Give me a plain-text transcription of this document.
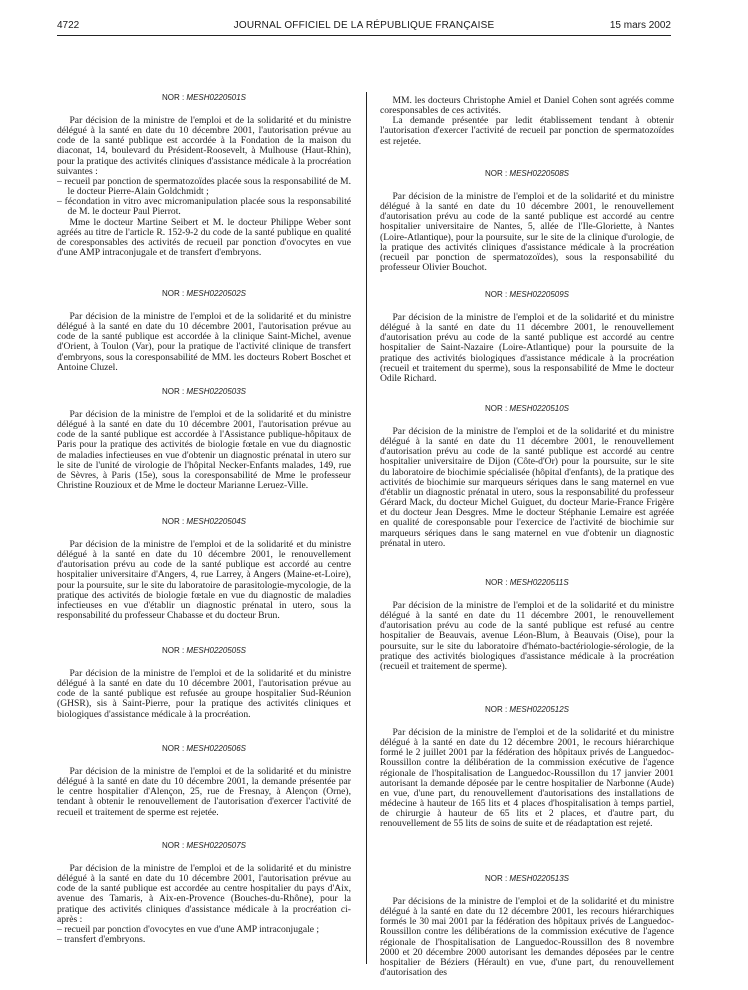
4722	JOURNAL OFFICIEL DE LA RÉPUBLIQUE FRANÇAISE	15 mars 2002
NOR : MESH0220501S

Par décision de la ministre de l'emploi et de la solidarité et du ministre délégué à la santé en date du 10 décembre 2001, l'autorisation prévue au code de la santé publique est accordée à la Fondation de la maison du diaconat, 14, boulevard du Président-Roosevelt, à Mulhouse (Haut-Rhin), pour la pratique des activités cliniques d'assistance médicale à la procréation suivantes :

– recueil par ponction de spermatozoïdes placée sous la responsabilité de M. le docteur Pierre-Alain Goldchmidt ;

– fécondation in vitro avec micromanipulation placée sous la responsabilité de M. le docteur Paul Pierrot.

Mme le docteur Martine Seibert et M. le docteur Philippe Weber sont agréés au titre de l'article R. 152-9-2 du code de la santé publique en qualité de coresponsables des activités de recueil par ponction d'ovocytes en vue d'une AMP intraconjugale et de transfert d'embryons.

NOR : MESH0220502S

Par décision de la ministre de l'emploi et de la solidarité et du ministre délégué à la santé en date du 10 décembre 2001, l'autorisation prévue au code de la santé publique est accordée à la clinique Saint-Michel, avenue d'Orient, à Toulon (Var), pour la pratique de l'activité clinique de transfert d'embryons, sous la coresponsabilité de MM. les docteurs Robert Boschet et Antoine Cluzel.

NOR : MESH0220503S

Par décision de la ministre de l'emploi et de la solidarité et du ministre délégué à la santé en date du 10 décembre 2001, l'autorisation prévue au code de la santé publique est accordée à l'Assistance publique-hôpitaux de Paris pour la pratique des activités de biologie fœtale en vue du diagnostic de maladies infectieuses en vue d'obtenir un diagnostic prénatal in utero sur le site de l'unité de virologie de l'hôpital Necker-Enfants malades, 149, rue de Sèvres, à Paris (15e), sous la coresponsabilité de Mme le professeur Christine Rouzioux et de Mme le docteur Marianne Leruez-Ville.

NOR : MESH0220504S

Par décision de la ministre de l'emploi et de la solidarité et du ministre délégué à la santé en date du 10 décembre 2001, le renouvellement d'autorisation prévu au code de la santé publique est accordé au centre hospitalier universitaire d'Angers, 4, rue Larrey, à Angers (Maine-et-Loire), pour la poursuite, sur le site du laboratoire de parasitologie-mycologie, de la pratique des activités de biologie fœtale en vue du diagnostic de maladies infectieuses en vue d'établir un diagnostic prénatal in utero, sous la responsabilité du professeur Chabasse et du docteur Brun.

NOR : MESH0220505S

Par décision de la ministre de l'emploi et de la solidarité et du ministre délégué à la santé en date du 10 décembre 2001, l'autorisation prévue au code de la santé publique est refusée au groupe hospitalier Sud-Réunion (GHSR), sis à Saint-Pierre, pour la pratique des activités cliniques et biologiques d'assistance médicale à la procréation.

NOR : MESH0220506S

Par décision de la ministre de l'emploi et de la solidarité et du ministre délégué à la santé en date du 10 décembre 2001, la demande présentée par le centre hospitalier d'Alençon, 25, rue de Fresnay, à Alençon (Orne), tendant à obtenir le renouvellement de l'autorisation d'exercer l'activité de recueil et traitement de sperme est rejetée.

NOR : MESH0220507S

Par décision de la ministre de l'emploi et de la solidarité et du ministre délégué à la santé en date du 10 décembre 2001, l'autorisation prévue au code de la santé publique est accordée au centre hospitalier du pays d'Aix, avenue des Tamaris, à Aix-en-Provence (Bouches-du-Rhône), pour la pratique des activités cliniques d'assistance médicale à la procréation ci-après :

– recueil par ponction d'ovocytes en vue d'une AMP intraconjugale ;

– transfert d'embryons.

MM. les docteurs Christophe Amiel et Daniel Cohen sont agréés comme coresponsables de ces activités.

La demande présentée par ledit établissement tendant à obtenir l'autorisation d'exercer l'activité de recueil par ponction de spermatozoïdes est rejetée.

NOR : MESH0220508S

Par décision de la ministre de l'emploi et de la solidarité et du ministre délégué à la santé en date du 10 décembre 2001, le renouvellement d'autorisation prévu au code de la santé publique est accordé au centre hospitalier universitaire de Nantes, 5, allée de l'Ile-Gloriette, à Nantes (Loire-Atlantique), pour la poursuite, sur le site de la clinique d'urologie, de la pratique des activités cliniques d'assistance médicale à la procréation (recueil par ponction de spermatozoïdes), sous la responsabilité du professeur Olivier Bouchot.

NOR : MESH0220509S

Par décision de la ministre de l'emploi et de la solidarité et du ministre délégué à la santé en date du 11 décembre 2001, le renouvellement d'autorisation prévu au code de la santé publique est accordé au centre hospitalier de Saint-Nazaire (Loire-Atlantique) pour la poursuite de la pratique des activités biologiques d'assistance médicale à la procréation (recueil et traitement du sperme), sous la responsabilité de Mme le docteur Odile Richard.

NOR : MESH0220510S

Par décision de la ministre de l'emploi et de la solidarité et du ministre délégué à la santé en date du 11 décembre 2001, le renouvellement d'autorisation prévu au code de la santé publique est accordé au centre hospitalier universitaire de Dijon (Côte-d'Or) pour la poursuite, sur le site du laboratoire de biochimie spécialisée (hôpital d'enfants), de la pratique des activités de biochimie sur marqueurs sériques dans le sang maternel en vue d'établir un diagnostic prénatal in utero, sous la responsabilité du professeur Gérard Mack, du docteur Michel Guiguet, du docteur Marie-France Frigère et du docteur Jean Desgres. Mme le docteur Stéphanie Lemaire est agréée en qualité de coresponsable pour l'exercice de l'activité de biochimie sur marqueurs sériques dans le sang maternel en vue d'obtenir un diagnostic prénatal in utero.

NOR : MESH0220511S

Par décision de la ministre de l'emploi et de la solidarité et du ministre délégué à la santé en date du 11 décembre 2001, le renouvellement d'autorisation prévu au code de la santé publique est refusé au centre hospitalier de Beauvais, avenue Léon-Blum, à Beauvais (Oise), pour la poursuite, sur le site du laboratoire d'hémato-bactériologie-sérologie, de la pratique des activités biologiques d'assistance médicale à la procréation (recueil et traitement de sperme).

NOR : MESH0220512S

Par décision de la ministre de l'emploi et de la solidarité et du ministre délégué à la santé en date du 12 décembre 2001, le recours hiérarchique formé le 2 juillet 2001 par la fédération des hôpitaux privés de Languedoc-Roussillon contre la délibération de la commission exécutive de l'agence régionale de l'hospitalisation de Languedoc-Roussillon du 17 janvier 2001 autorisant la demande déposée par le centre hospitalier de Narbonne (Aude) en vue, d'une part, du renouvellement d'autorisations des installations de médecine à hauteur de 165 lits et 4 places d'hospitalisation à temps partiel, de chirurgie à hauteur de 65 lits et 2 places, et d'autre part, du renouvellement de 55 lits de soins de suite et de réadaptation est rejeté.

NOR : MESH0220513S

Par décisions de la ministre de l'emploi et de la solidarité et du ministre délégué à la santé en date du 12 décembre 2001, les recours hiérarchiques formés le 30 mai 2001 par la fédération des hôpitaux privés de Languedoc-Roussillon contre les délibérations de la commission exécutive de l'agence régionale de l'hospitalisation de Languedoc-Roussillon des 8 novembre 2000 et 20 décembre 2000 autorisant les demandes déposées par le centre hospitalier de Béziers (Hérault) en vue, d'une part, du renouvellement d'autorisation des
